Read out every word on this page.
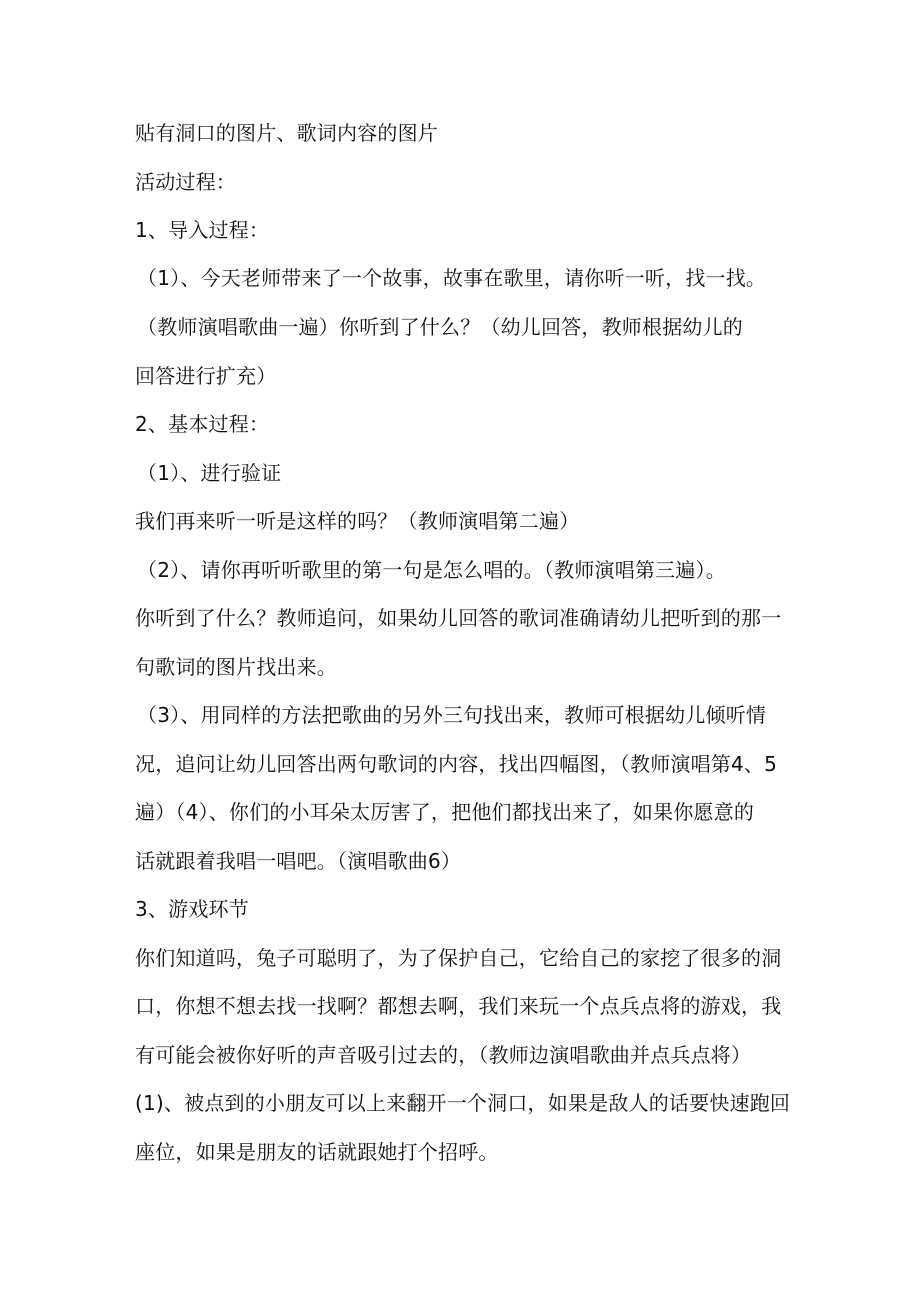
贴有洞口的图片、歌词内容的图片
活动过程：
1、导入过程：
（1）、今天老师带来了一个故事，故事在歌里，请你听一听，找一找。
（教师演唱歌曲一遍）你听到了什么？（幼儿回答，教师根据幼儿的
回答进行扩充）
2、基本过程：
（1）、进行验证
我们再来听一听是这样的吗？（教师演唱第二遍）
（2）、请你再听听歌里的第一句是怎么唱的。（教师演唱第三遍）。
你听到了什么？教师追问，如果幼儿回答的歌词准确请幼儿把听到的那一
句歌词的图片找出来。
（3）、用同样的方法把歌曲的另外三句找出来，教师可根据幼儿倾听情
况，追问让幼儿回答出两句歌词的内容，找出四幅图，（教师演唱第4、5
遍）（4）、你们的小耳朵太厉害了，把他们都找出来了，如果你愿意的
话就跟着我唱一唱吧。（演唱歌曲6）
3、游戏环节
你们知道吗，兔子可聪明了，为了保护自己，它给自己的家挖了很多的洞
口，你想不想去找一找啊？都想去啊，我们来玩一个点兵点将的游戏，我
有可能会被你好听的声音吸引过去的，（教师边演唱歌曲并点兵点将）
(1)、被点到的小朋友可以上来翻开一个洞口，如果是敌人的话要快速跑回
座位，如果是朋友的话就跟她打个招呼。
